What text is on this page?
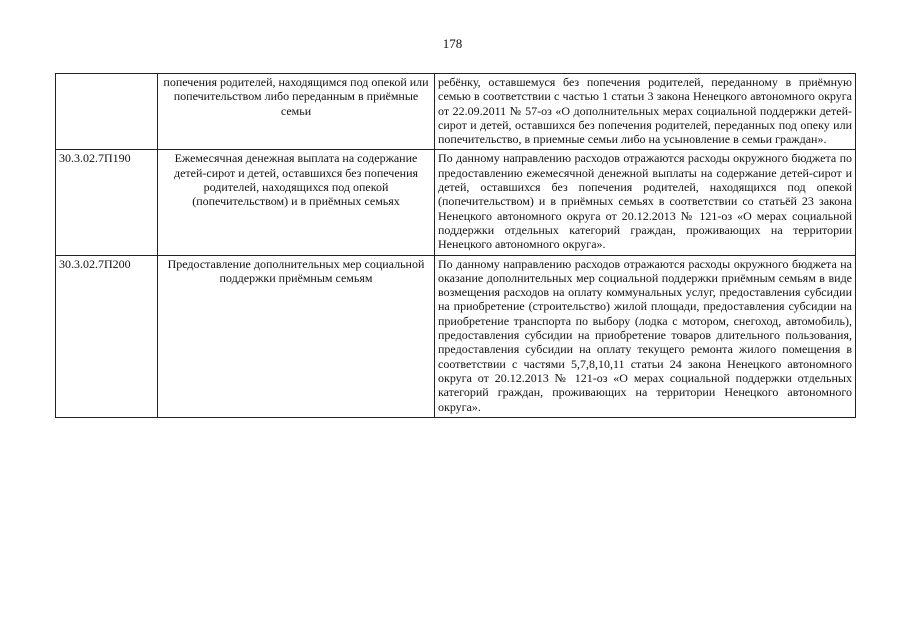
178
	попечения родителей, находящимся под опекой или попечительством либо переданным в приёмные семьи	ребёнку, оставшемуся без попечения родителей, переданному в приёмную семью в соответствии с частью 1 статьи 3 закона Ненецкого автономного округа от 22.09.2011 № 57-оз «О дополнительных мерах социальной поддержки детей-сирот и детей, оставшихся без попечения родителей, переданных под опеку или попечительство, в приемные семьи либо на усыновление в семьи граждан».
30.3.02.7П190	Ежемесячная денежная выплата на содержание детей-сирот и детей, оставшихся без попечения родителей, находящихся под опекой (попечительством) и в приёмных семьях	По данному направлению расходов отражаются расходы окружного бюджета по предоставлению ежемесячной денежной выплаты на содержание детей-сирот и детей, оставшихся без попечения родителей, находящихся под опекой (попечительством) и в приёмных семьях в соответствии со статьёй 23 закона Ненецкого автономного округа от 20.12.2013 № 121-оз «О мерах социальной поддержки отдельных категорий граждан, проживающих на территории Ненецкого автономного округа».
30.3.02.7П200	Предоставление дополнительных мер социальной поддержки приёмным семьям	По данному направлению расходов отражаются расходы окружного бюджета на оказание дополнительных мер социальной поддержки приёмным семьям в виде возмещения расходов на оплату коммунальных услуг, предоставления субсидии на приобретение (строительство) жилой площади, предоставления субсидии на приобретение транспорта по выбору (лодка с мотором, снегоход, автомобиль), предоставления субсидии на приобретение товаров длительного пользования, предоставления субсидии на оплату текущего ремонта жилого помещения в соответствии с частями 5,7,8,10,11 статьи 24 закона Ненецкого автономного округа от 20.12.2013 № 121-оз «О мерах социальной поддержки отдельных категорий граждан, проживающих на территории Ненецкого автономного округа».
